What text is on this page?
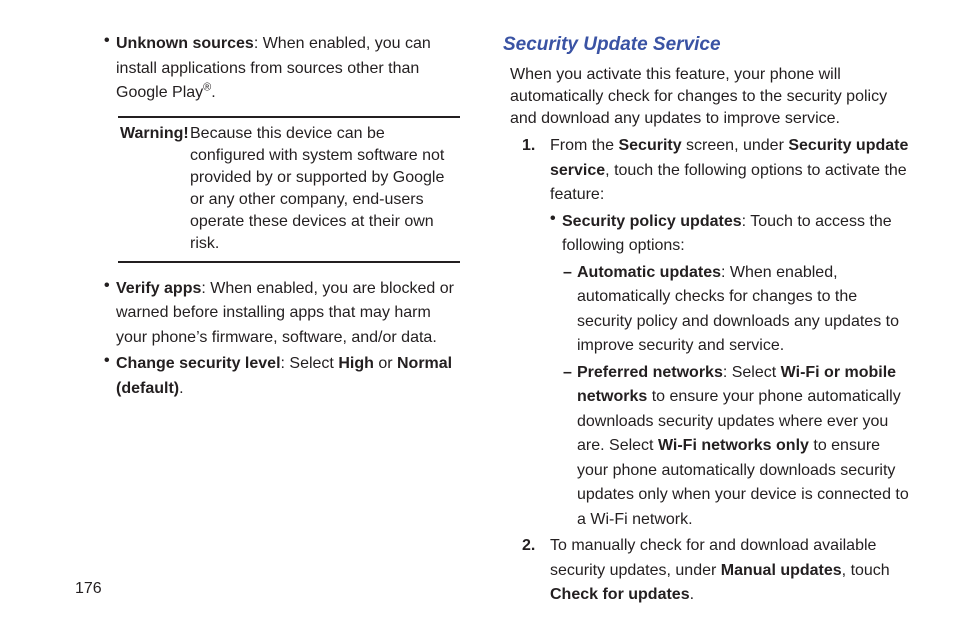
• Unknown sources: When enabled, you can install applications from sources other than Google Play®.
Warning! Because this device can be configured with system software not provided by or supported by Google or any other company, end-users operate these devices at their own risk.
• Verify apps: When enabled, you are blocked or warned before installing apps that may harm your phone’s firmware, software, and/or data.
• Change security level: Select High or Normal (default).
Security Update Service
When you activate this feature, your phone will automatically check for changes to the security policy and download any updates to improve service.
1. From the Security screen, under Security update service, touch the following options to activate the feature:
• Security policy updates: Touch to access the following options:
– Automatic updates: When enabled, automatically checks for changes to the security policy and downloads any updates to improve security and service.
– Preferred networks: Select Wi-Fi or mobile networks to ensure your phone automatically downloads security updates where ever you are. Select Wi-Fi networks only to ensure your phone automatically downloads security updates only when your device is connected to a Wi-Fi network.
2. To manually check for and download available security updates, under Manual updates, touch Check for updates.
176
